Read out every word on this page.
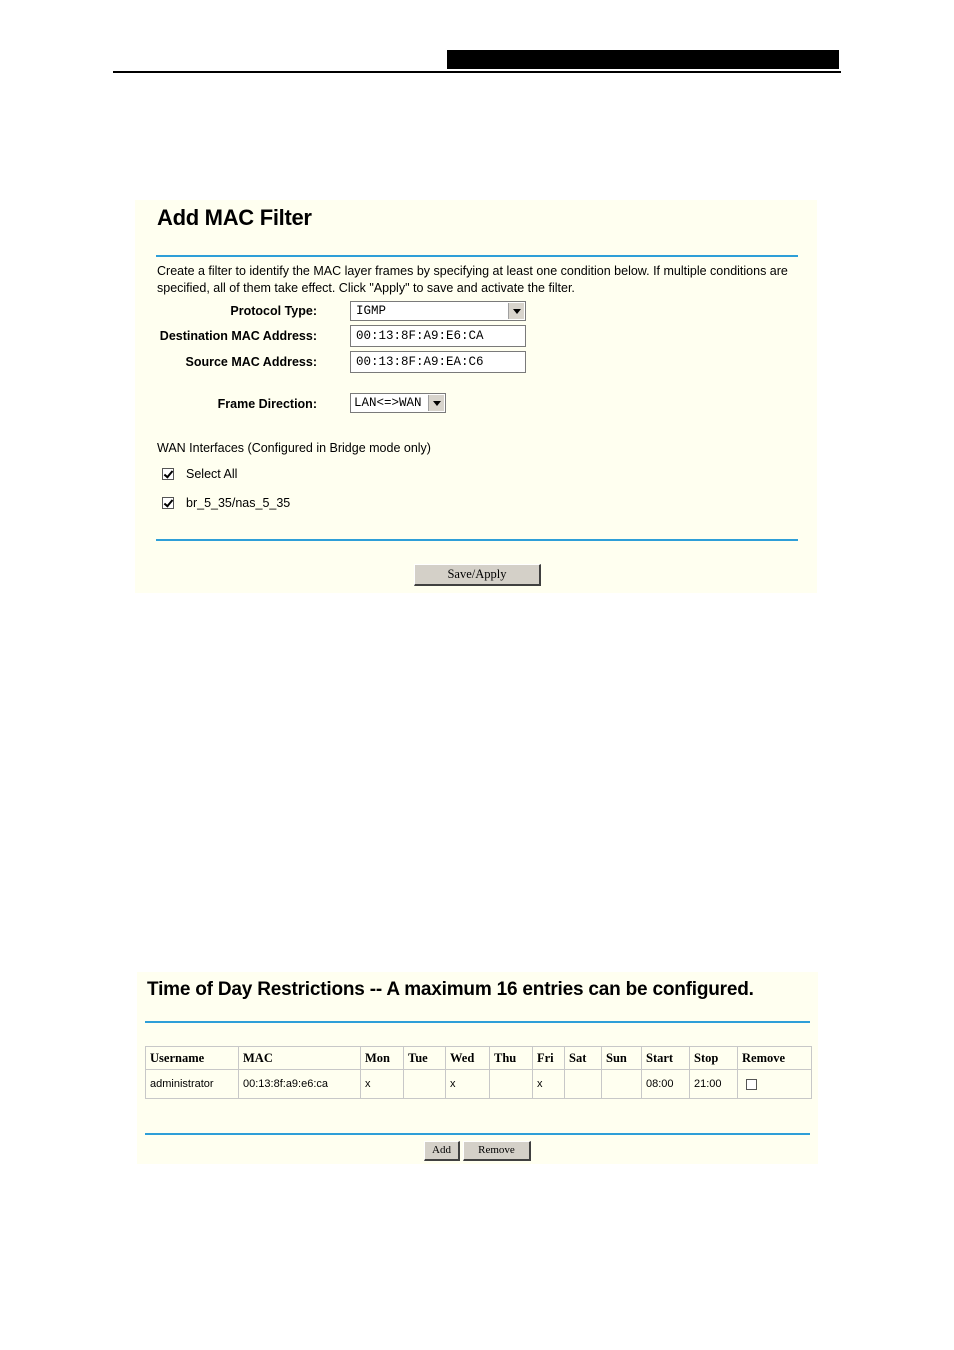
Add MAC Filter
Create a filter to identify the MAC layer frames by specifying at least one condition below. If multiple conditions are specified, all of them take effect. Click "Apply" to save and activate the filter.
Protocol Type:	IGMP
Destination MAC Address:	00:13:8F:A9:E6:CA
Source MAC Address:	00:13:8F:A9:EA:C6
Frame Direction:	LAN<=>WAN
WAN Interfaces (Configured in Bridge mode only)
Select All
br_5_35/nas_5_35
Save/Apply
Time of Day Restrictions -- A maximum 16 entries can be configured.
Username	MAC	Mon	Tue	Wed	Thu	Fri	Sat	Sun	Start	Stop	Remove
administrator	00:13:8f:a9:e6:ca	x		x		x			08:00	21:00	
Add	Remove
